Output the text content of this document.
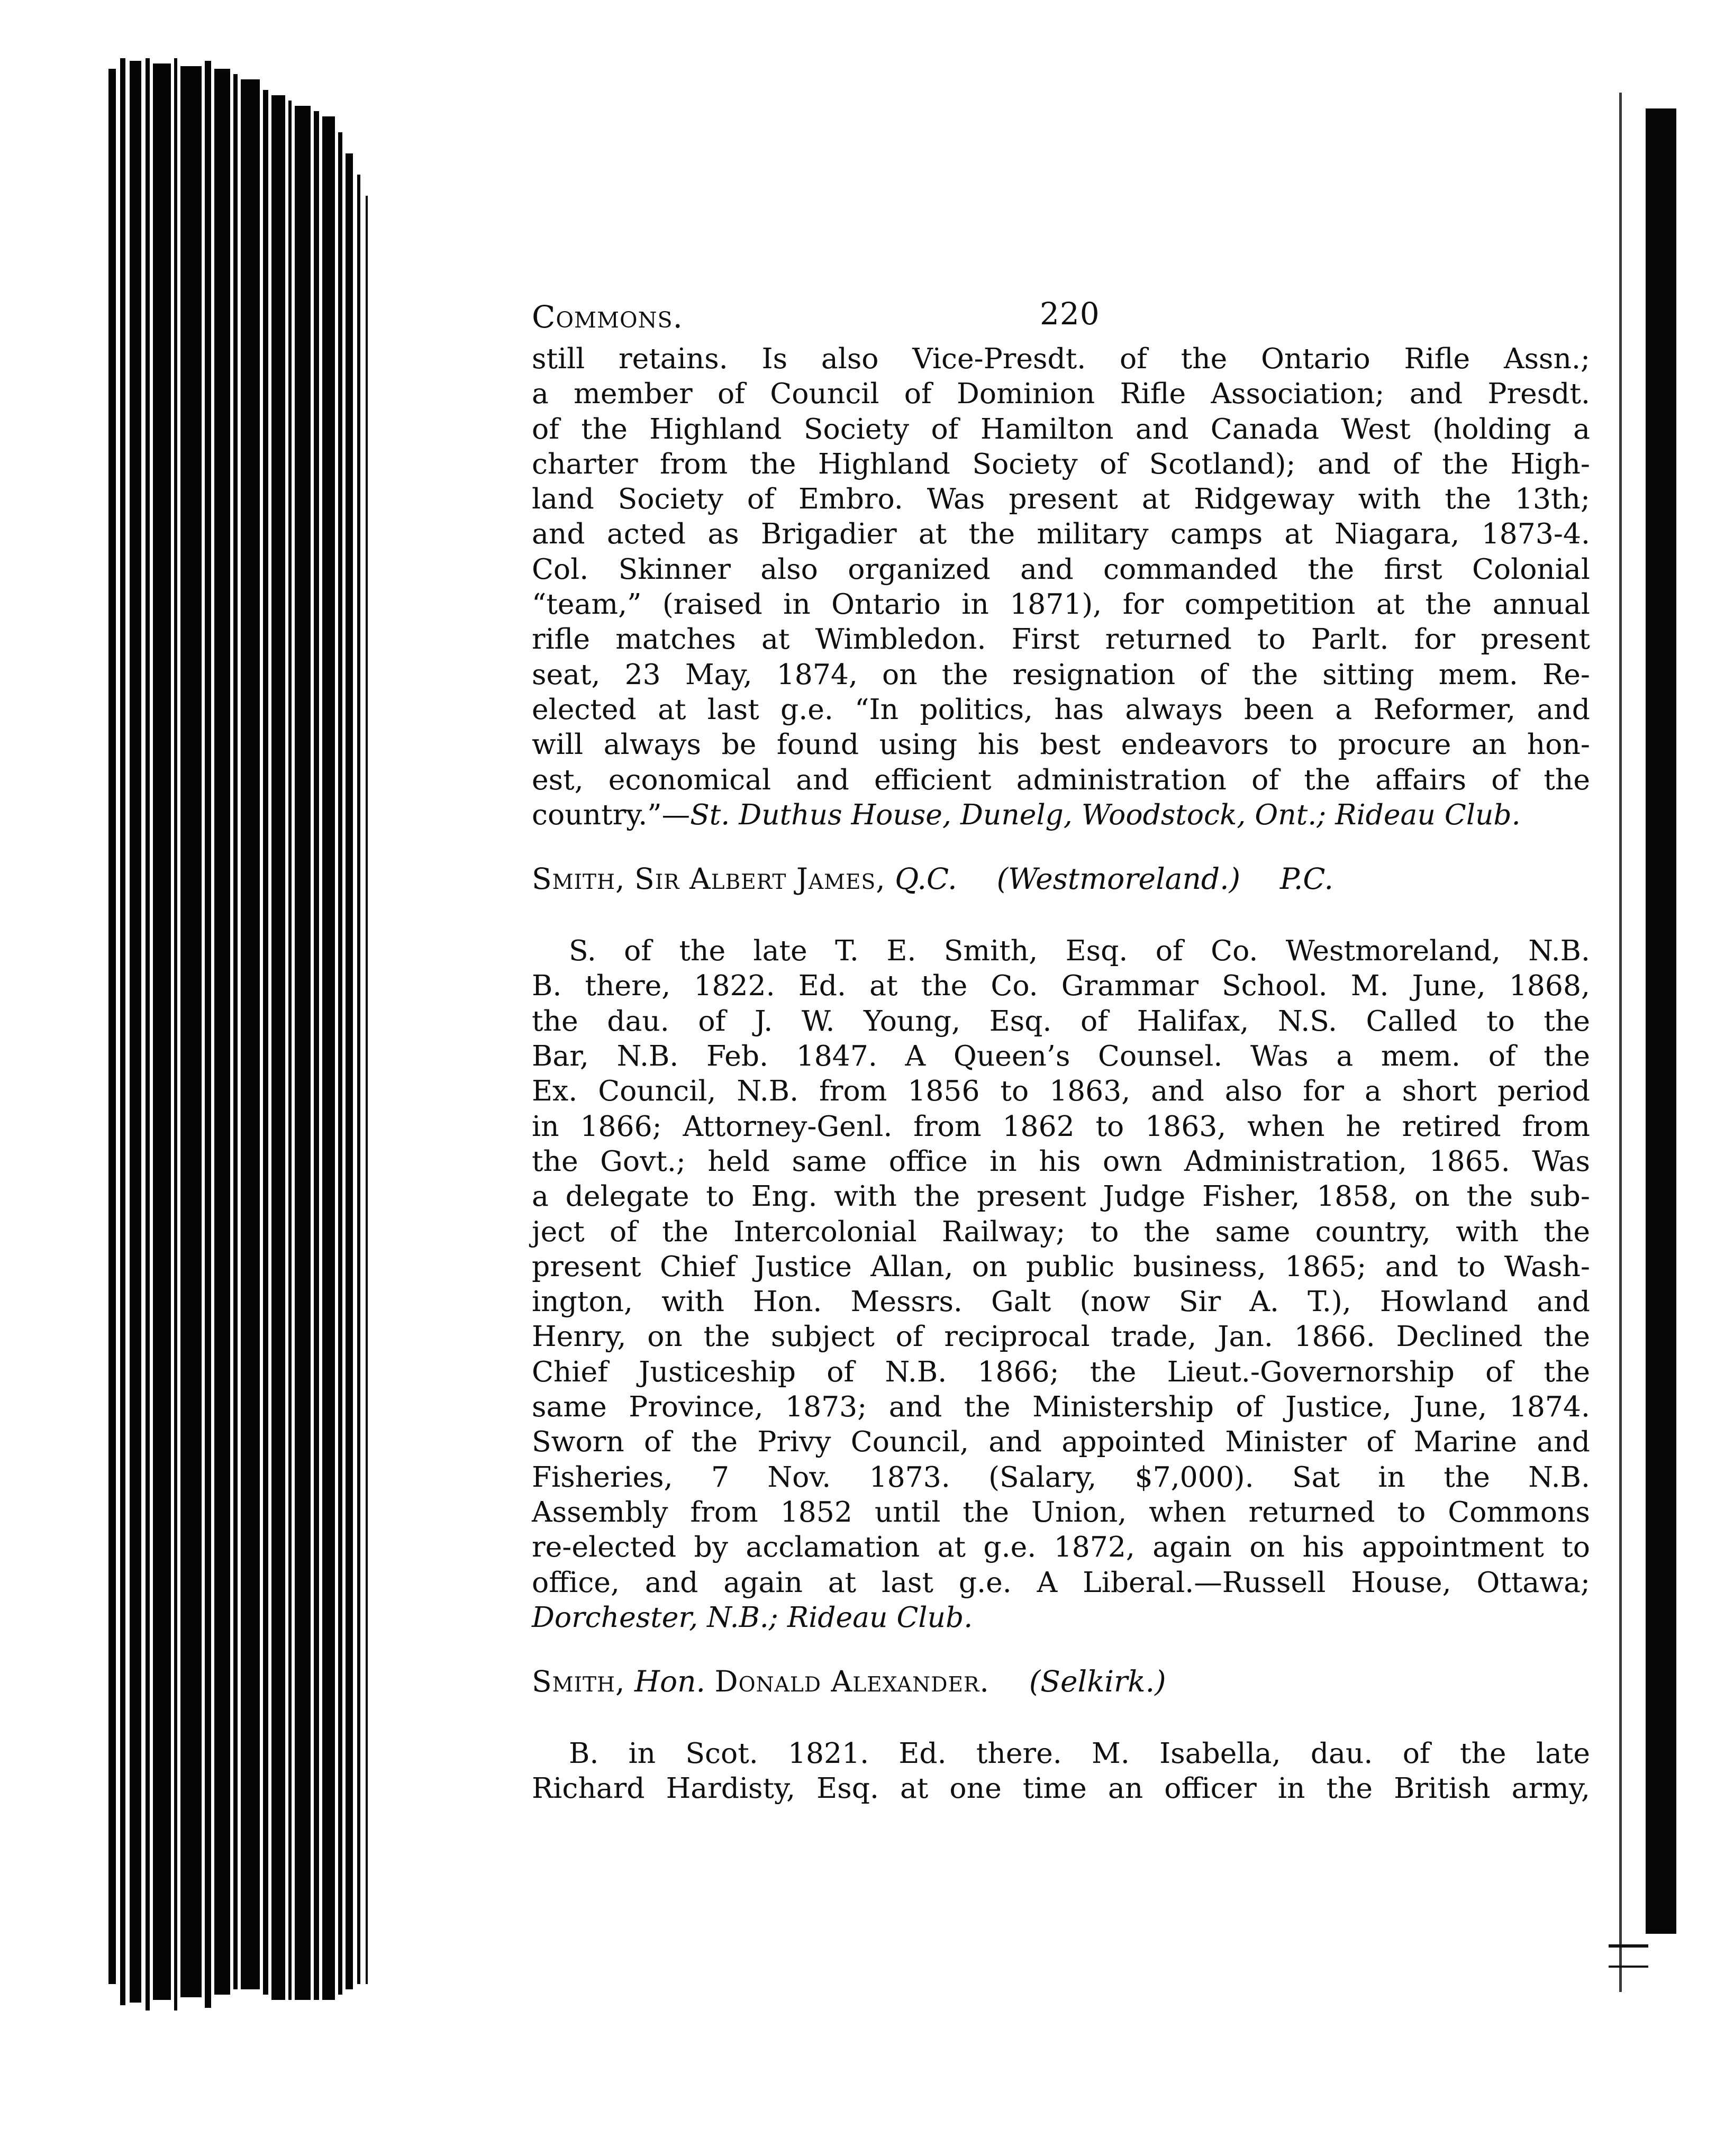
Commons.	220
still retains. Is also Vice-Presdt. of the Ontario Rifle Assn.;
a member of Council of Dominion Rifle Association; and Presdt.
of the Highland Society of Hamilton and Canada West (holding a
charter from the Highland Society of Scotland); and of the High-
land Society of Embro. Was present at Ridgeway with the 13th;
and acted as Brigadier at the military camps at Niagara, 1873-4.
Col. Skinner also organized and commanded the first Colonial
“team,” (raised in Ontario in 1871), for competition at the annual
rifle matches at Wimbledon. First returned to Parlt. for present
seat, 23 May, 1874, on the resignation of the sitting mem. Re-
elected at last g.e. “In politics, has always been a Reformer, and
will always be found using his best endeavors to procure an hon-
est, economical and efficient administration of the affairs of the
country.”—St. Duthus House, Dunelg, Woodstock, Ont.; Rideau Club.
Smith, Sir Albert James, Q.C. (Westmoreland.) P.C.
S. of the late T. E. Smith, Esq. of Co. Westmoreland, N.B.
B. there, 1822. Ed. at the Co. Grammar School. M. June, 1868,
the dau. of J. W. Young, Esq. of Halifax, N.S. Called to the
Bar, N.B. Feb. 1847. A Queen’s Counsel. Was a mem. of the
Ex. Council, N.B. from 1856 to 1863, and also for a short period
in 1866; Attorney-Genl. from 1862 to 1863, when he retired from
the Govt.; held same office in his own Administration, 1865. Was
a delegate to Eng. with the present Judge Fisher, 1858, on the sub-
ject of the Intercolonial Railway; to the same country, with the
present Chief Justice Allan, on public business, 1865; and to Wash-
ington, with Hon. Messrs. Galt (now Sir A. T.), Howland and
Henry, on the subject of reciprocal trade, Jan. 1866. Declined the
Chief Justiceship of N.B. 1866; the Lieut.-Governorship of the
same Province, 1873; and the Ministership of Justice, June, 1874.
Sworn of the Privy Council, and appointed Minister of Marine and
Fisheries, 7 Nov. 1873. (Salary, $7,000). Sat in the N.B.
Assembly from 1852 until the Union, when returned to Commons
re-elected by acclamation at g.e. 1872, again on his appointment to
office, and again at last g.e. A Liberal.—Russell House, Ottawa;
Dorchester, N.B.; Rideau Club.
Smith, Hon. Donald Alexander. (Selkirk.)
B. in Scot. 1821. Ed. there. M. Isabella, dau. of the late
Richard Hardisty, Esq. at one time an officer in the British army,
